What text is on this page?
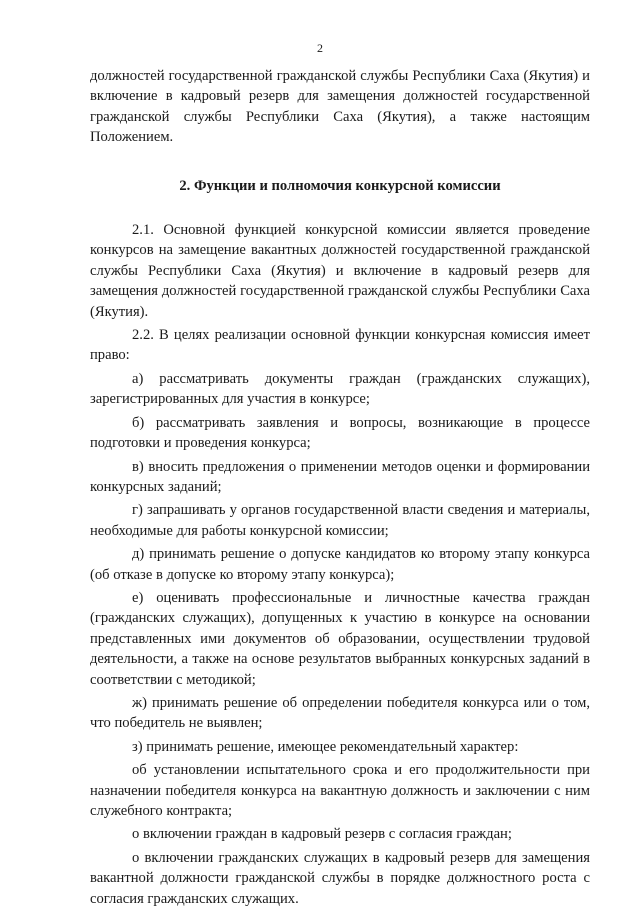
2

должностей государственной гражданской службы Республики Саха (Якутия) и включение в кадровый резерв для замещения должностей государственной гражданской службы Республики Саха (Якутия), а также настоящим Положением.

2. Функции и полномочия конкурсной комиссии

2.1. Основной функцией конкурсной комиссии является проведение конкурсов на замещение вакантных должностей государственной гражданской службы Республики Саха (Якутия) и включение в кадровый резерв для замещения должностей государственной гражданской службы Республики Саха (Якутия).

2.2. В целях реализации основной функции конкурсная комиссия имеет право:

а) рассматривать документы граждан (гражданских служащих), зарегистрированных для участия в конкурсе;

б) рассматривать заявления и вопросы, возникающие в процессе подготовки и проведения конкурса;

в) вносить предложения о применении методов оценки и формировании конкурсных заданий;

г) запрашивать у органов государственной власти сведения и материалы, необходимые для работы конкурсной комиссии;

д) принимать решение о допуске кандидатов ко второму этапу конкурса (об отказе в допуске ко второму этапу конкурса);

е) оценивать профессиональные и личностные качества граждан (гражданских служащих), допущенных к участию в конкурсе на основании представленных ими документов об образовании, осуществлении трудовой деятельности, а также на основе результатов выбранных конкурсных заданий в соответствии с методикой;

ж) принимать решение об определении победителя конкурса или о том, что победитель не выявлен;

з) принимать решение, имеющее рекомендательный характер:

об установлении испытательного срока и его продолжительности при назначении победителя конкурса на вакантную должность и заключении с ним служебного контракта;

о включении граждан в кадровый резерв с согласия граждан;

о включении гражданских служащих в кадровый резерв для замещения вакантной должности гражданской службы в порядке должностного роста с согласия гражданских служащих.
